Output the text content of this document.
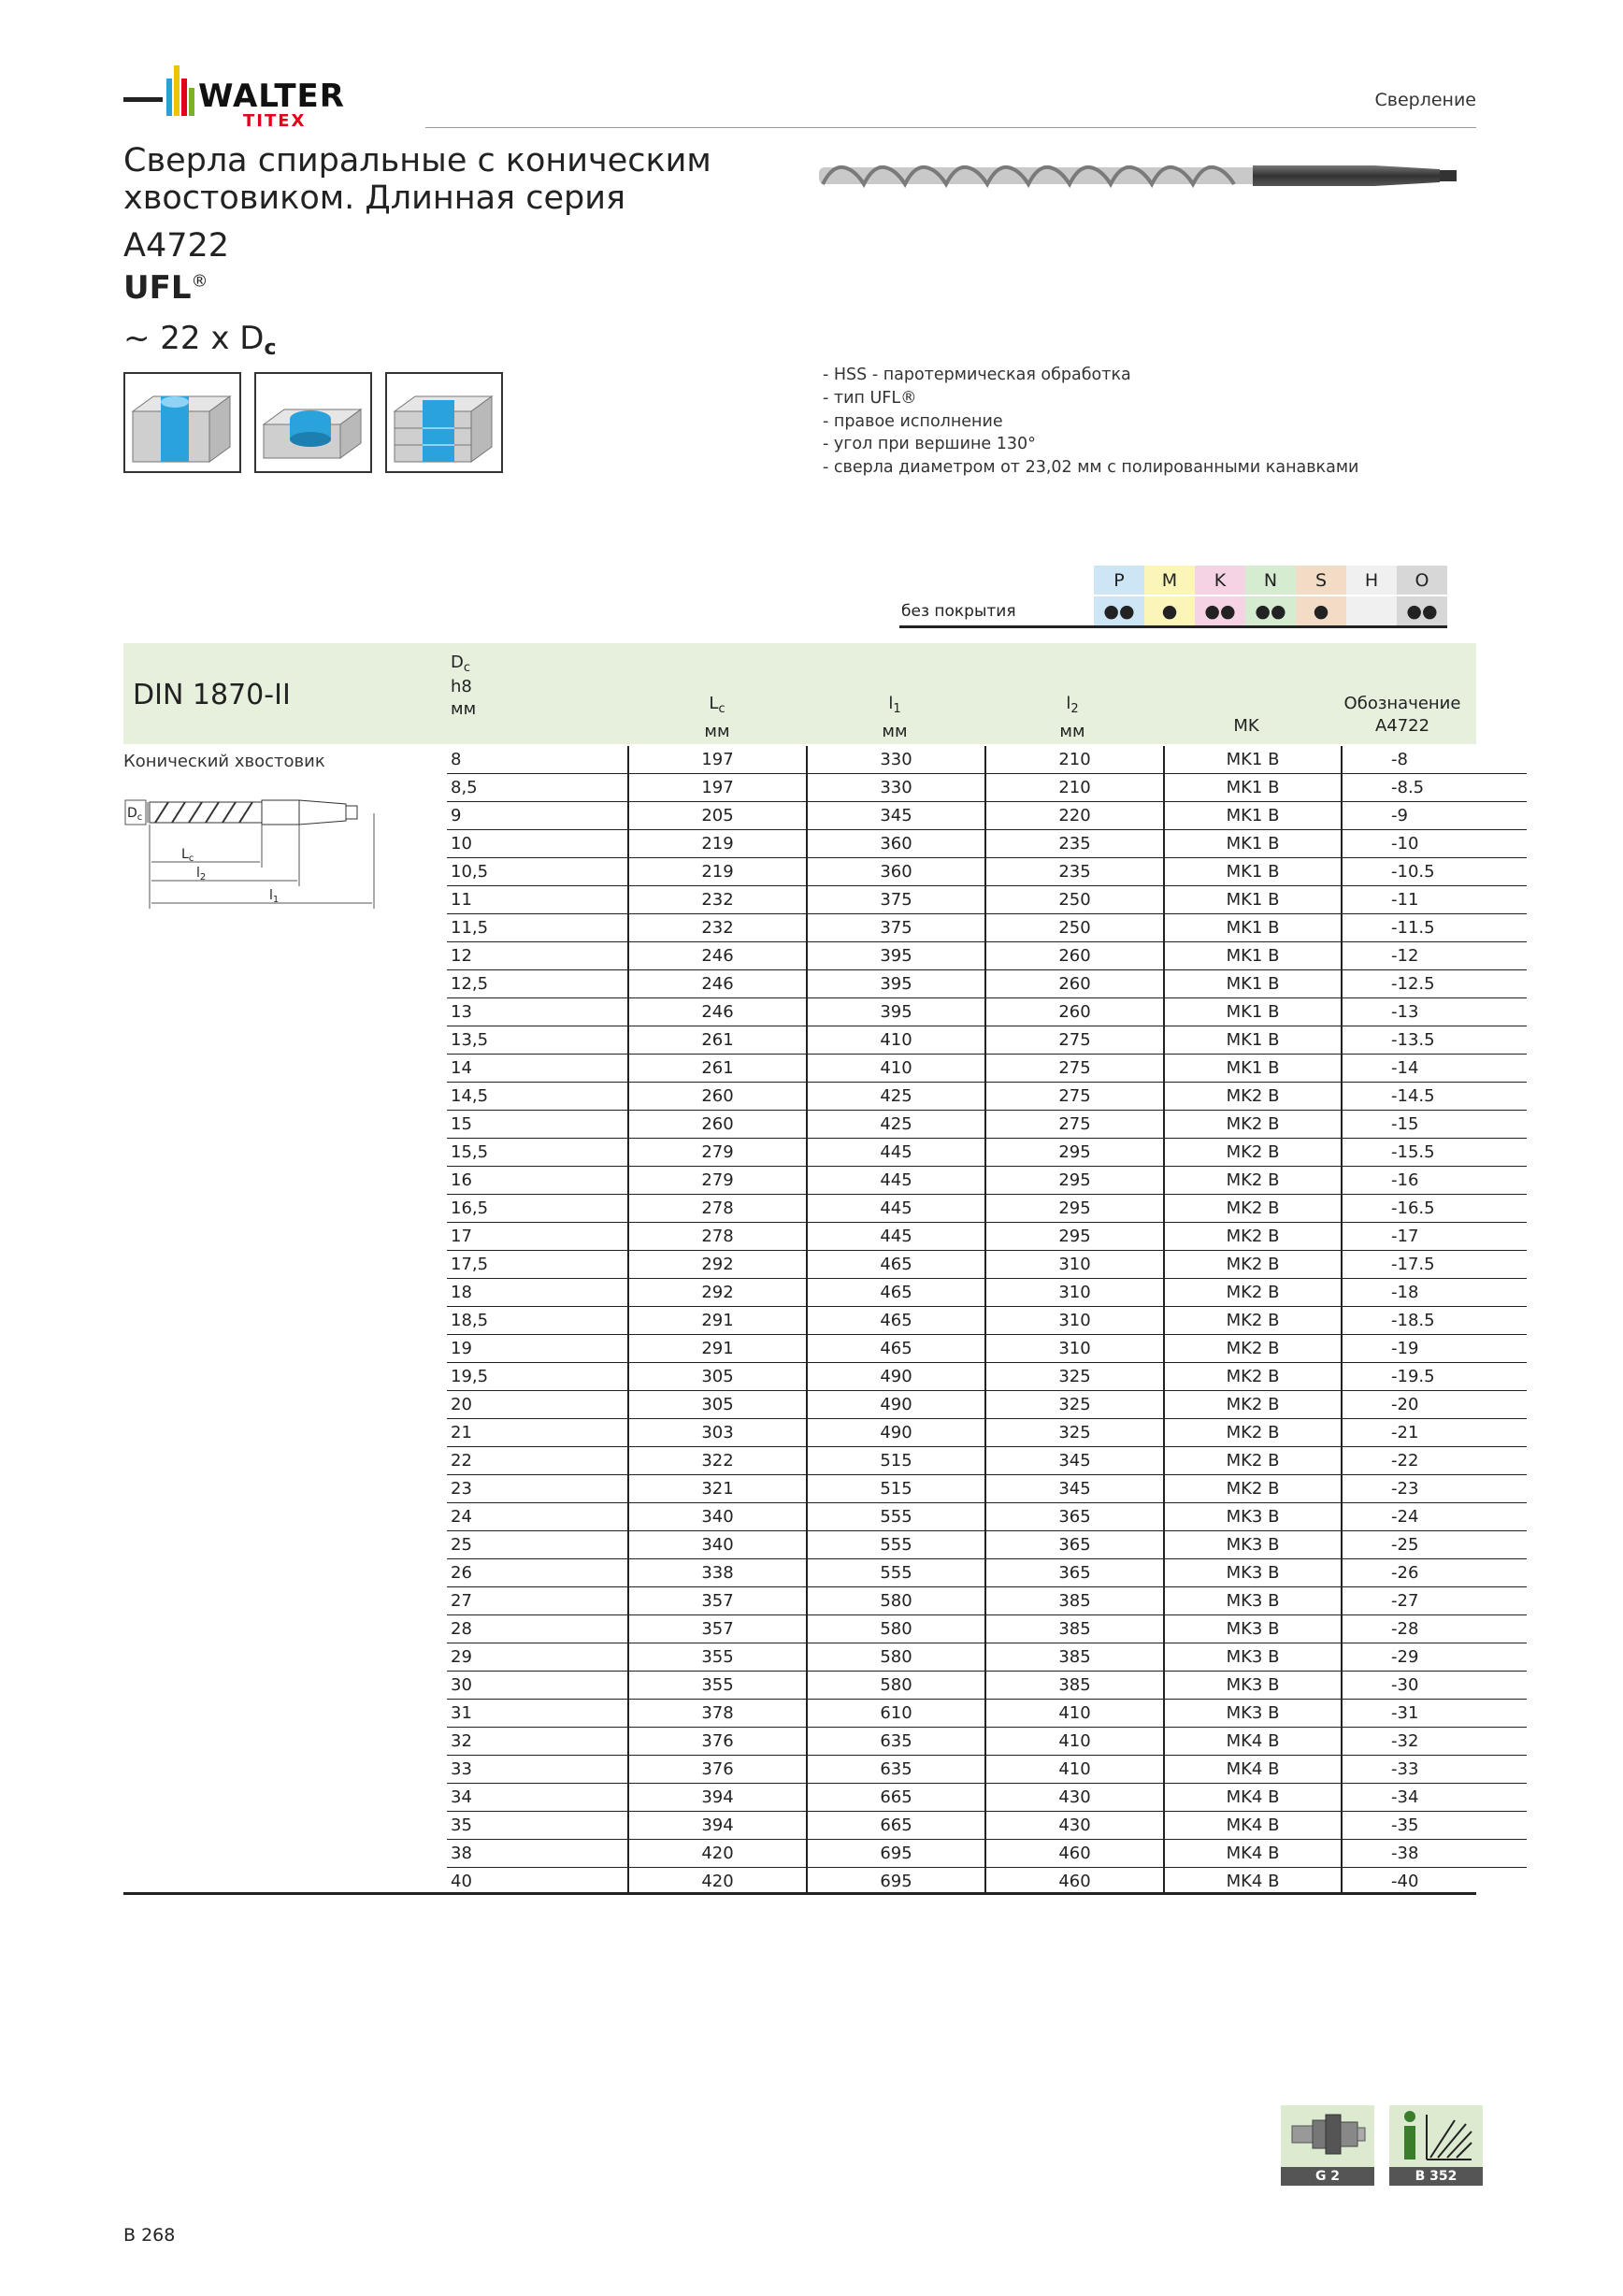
WALTER
TITEX
Сверление
Сверла спиральные с коническим
хвостовиком. Длинная серия
A4722
UFL®
~ 22 x $D_c$
- HSS - паротермическая обработка
- тип UFL®
- правое исполнение
- угол при вершине 130°
- сверла диаметром от 23,02 мм с полированными канавками
	P	M	K	N	S	H	O
без покрытия	●●	●	●●	●●	●		●●
DIN 1870-II
$D_c$
h8
мм	$L_c$
мм
$l_1$
мм
$l_2$
мм	MK
Обозначение
A4722
Конический хвостовик
$D_c$
$L_c$
$l_2$
$l_1$
8	197	330	210	MK1 B	-8
8,5	197	330	210	MK1 B	-8.5
9	205	345	220	MK1 B	-9
10	219	360	235	MK1 B	-10
10,5	219	360	235	MK1 B	-10.5
11	232	375	250	MK1 B	-11
11,5	232	375	250	MK1 B	-11.5
12	246	395	260	MK1 B	-12
12,5	246	395	260	MK1 B	-12.5
13	246	395	260	MK1 B	-13
13,5	261	410	275	MK1 B	-13.5
14	261	410	275	MK1 B	-14
14,5	260	425	275	MK2 B	-14.5
15	260	425	275	MK2 B	-15
15,5	279	445	295	MK2 B	-15.5
16	279	445	295	MK2 B	-16
16,5	278	445	295	MK2 B	-16.5
17	278	445	295	MK2 B	-17
17,5	292	465	310	MK2 B	-17.5
18	292	465	310	MK2 B	-18
18,5	291	465	310	MK2 B	-18.5
19	291	465	310	MK2 B	-19
19,5	305	490	325	MK2 B	-19.5
20	305	490	325	MK2 B	-20
21	303	490	325	MK2 B	-21
22	322	515	345	MK2 B	-22
23	321	515	345	MK2 B	-23
24	340	555	365	MK3 B	-24
25	340	555	365	MK3 B	-25
26	338	555	365	MK3 B	-26
27	357	580	385	MK3 B	-27
28	357	580	385	MK3 B	-28
29	355	580	385	MK3 B	-29
30	355	580	385	MK3 B	-30
31	378	610	410	MK3 B	-31
32	376	635	410	MK4 B	-32
33	376	635	410	MK4 B	-33
34	394	665	430	MK4 B	-34
35	394	665	430	MK4 B	-35
38	420	695	460	MK4 B	-38
40	420	695	460	MK4 B	-40
G 2	B 352
B 268
